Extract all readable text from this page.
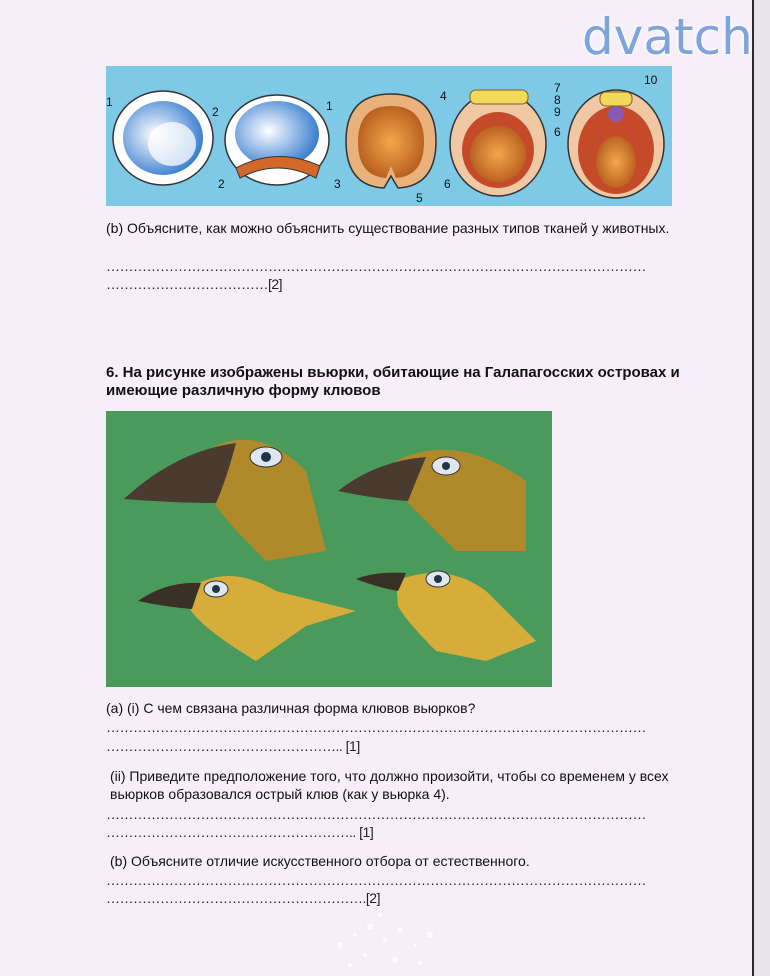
dvatch
1
2	1
2	3
4
5
6
7
8
9
6
10
(b) Объясните, как можно объяснить существование разных типов тканей у животных.
…………………………………………………………………………………………………………
………………………………[2]
6. На рисунке изображены вьюрки, обитающие на Галапагосских островах и имеющие различную форму клювов
(a) (i) С чем связана различная форма клювов вьюрков?
…………………………………………………………………………………………………………
…………………………………………….. [1]
(ii) Приведите предположение того, что должно произойти, чтобы со временем у всех вьюрков образовался острый клюв (как у вьюрка 4).
…………………………………………………………………………………………………………
……………………………………………….. [1]
(b) Объясните отличие искусственного отбора от естественного.
…………………………………………………………………………………………………………
………………………………………………….[2]
